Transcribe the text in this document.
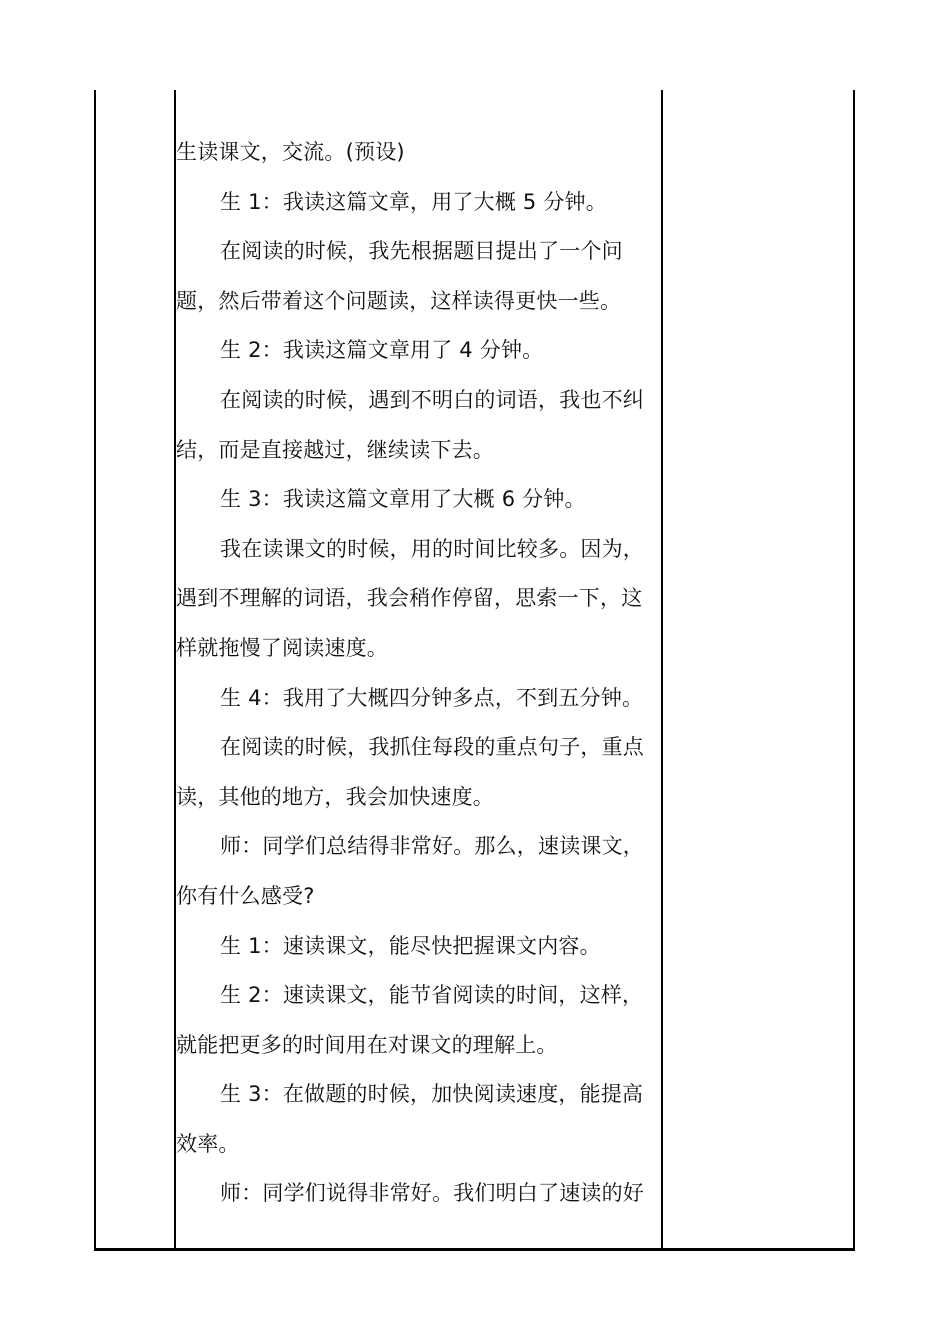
生读课文，交流。(预设)
生 1：我读这篇文章，用了大概 5 分钟。
在阅读的时候，我先根据题目提出了一个问
题，然后带着这个问题读，这样读得更快一些。
生 2：我读这篇文章用了 4 分钟。
在阅读的时候，遇到不明白的词语，我也不纠
结，而是直接越过，继续读下去。
生 3：我读这篇文章用了大概 6 分钟。
我在读课文的时候，用的时间比较多。因为，
遇到不理解的词语，我会稍作停留，思索一下，这
样就拖慢了阅读速度。
生 4：我用了大概四分钟多点，不到五分钟。
在阅读的时候，我抓住每段的重点句子，重点
读，其他的地方，我会加快速度。
师：同学们总结得非常好。那么，速读课文，
你有什么感受?
生 1：速读课文，能尽快把握课文内容。
生 2：速读课文，能节省阅读的时间，这样，
就能把更多的时间用在对课文的理解上。
生 3：在做题的时候，加快阅读速度，能提高
效率。
师：同学们说得非常好。我们明白了速读的好
